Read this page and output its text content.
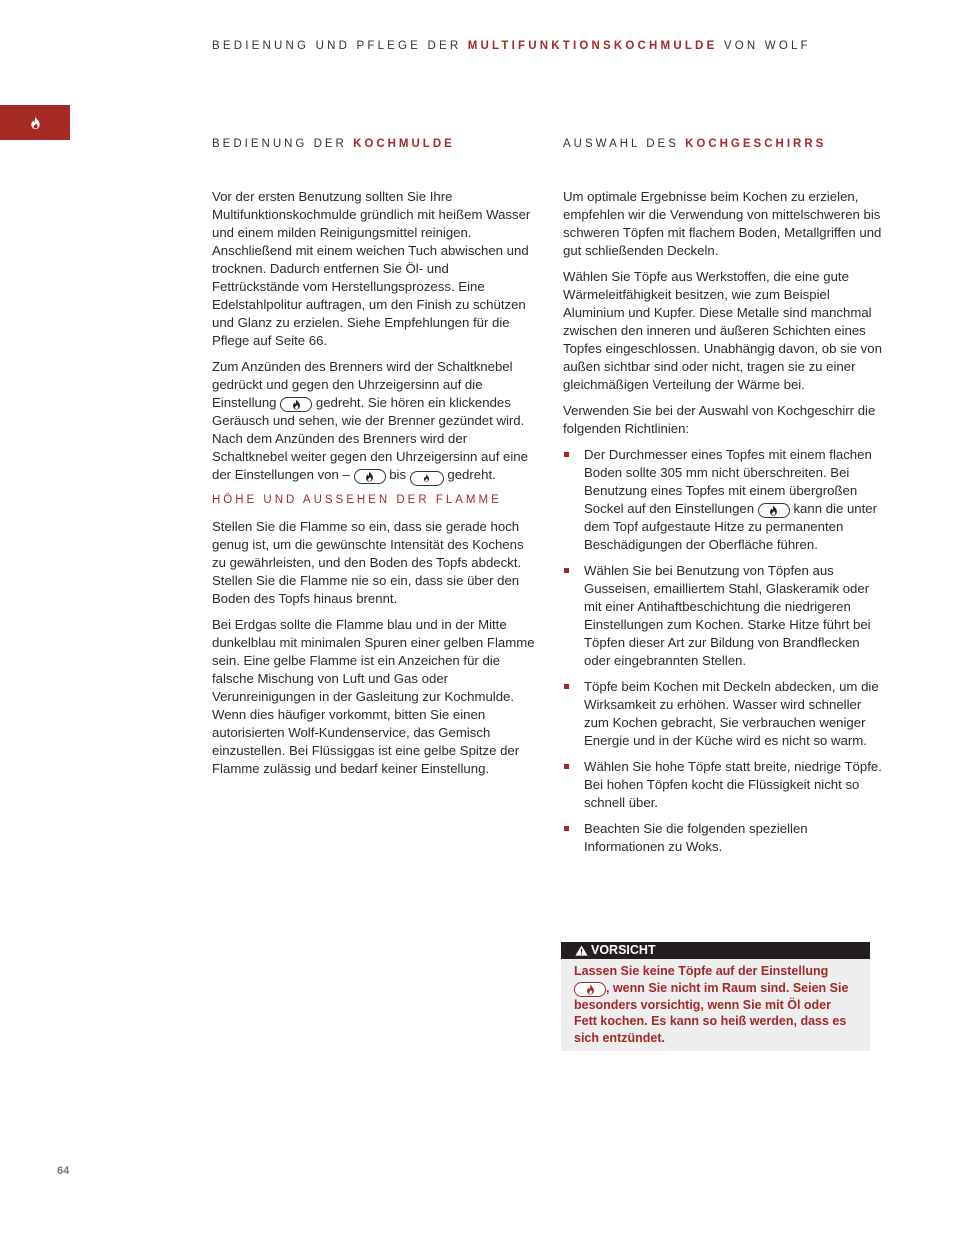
BEDIENUNG UND PFLEGE DER MULTIFUNKTIONSKOCHMULDE VON WOLF
BEDIENUNG DER KOCHMULDE

Vor der ersten Benutzung sollten Sie Ihre Multifunktionskochmulde gründlich mit heißem Wasser und einem milden Reinigungsmittel reinigen. Anschließend mit einem weichen Tuch abwischen und trocknen. Dadurch entfernen Sie Öl- und Fettrückstände vom Herstellungsprozess. Eine Edelstahlpolitur auftragen, um den Finish zu schützen und Glanz zu erzielen. Siehe Empfehlungen für die Pflege auf Seite 66.

Zum Anzünden des Brenners wird der Schaltknebel gedrückt und gegen den Uhrzeigersinn auf die Einstellung	gedreht. Sie hören ein klickendes Geräusch und sehen, wie der Brenner gezündet wird. Nach dem Anzünden des Brenners wird der Schaltknebel weiter gegen den Uhrzeigersinn auf eine der Einstellungen von –	bis	gedreht.

HÖHE UND AUSSEHEN DER FLAMME

Stellen Sie die Flamme so ein, dass sie gerade hoch genug ist, um die gewünschte Intensität des Kochens zu gewährleisten, und den Boden des Topfs abdeckt. Stellen Sie die Flamme nie so ein, dass sie über den Boden des Topfs hinaus brennt.

Bei Erdgas sollte die Flamme blau und in der Mitte dunkelblau mit minimalen Spuren einer gelben Flamme sein. Eine gelbe Flamme ist ein Anzeichen für die falsche Mischung von Luft und Gas oder Verunreinigungen in der Gasleitung zur Kochmulde. Wenn dies häufiger vorkommt, bitten Sie einen autorisierten Wolf-Kundenservice, das Gemisch einzustellen. Bei Flüssiggas ist eine gelbe Spitze der Flamme zulässig und bedarf keiner Einstellung.

AUSWAHL DES KOCHGESCHIRRS

Um optimale Ergebnisse beim Kochen zu erzielen, empfehlen wir die Verwendung von mittelschweren bis schweren Töpfen mit flachem Boden, Metallgriffen und gut schließenden Deckeln.

Wählen Sie Töpfe aus Werkstoffen, die eine gute Wärmeleitfähigkeit besitzen, wie zum Beispiel Aluminium und Kupfer. Diese Metalle sind manchmal zwischen den inneren und äußeren Schichten eines Topfes eingeschlossen. Unabhängig davon, ob sie von außen sichtbar sind oder nicht, tragen sie zu einer gleichmäßigen Verteilung der Wärme bei.

Verwenden Sie bei der Auswahl von Kochgeschirr die folgenden Richtlinien:

Der Durchmesser eines Topfes mit einem flachen Boden sollte 305 mm nicht überschreiten. Bei Benutzung eines Topfes mit einem übergroßen Sockel auf den Einstellungen	kann die unter dem Topf aufgestaute Hitze zu permanenten Beschädigungen der Oberfläche führen.
Wählen Sie bei Benutzung von Töpfen aus Gusseisen, emailliertem Stahl, Glaskeramik oder mit einer Antihaftbeschichtung die niedrigeren Einstellungen zum Kochen. Starke Hitze führt bei Töpfen dieser Art zur Bildung von Brandflecken oder eingebrannten Stellen.
Töpfe beim Kochen mit Deckeln abdecken, um die Wirksamkeit zu erhöhen. Wasser wird schneller zum Kochen gebracht, Sie verbrauchen weniger Energie und in der Küche wird es nicht so warm.
Wählen Sie hohe Töpfe statt breite, niedrige Töpfe. Bei hohen Töpfen kocht die Flüssigkeit nicht so schnell über.
Beachten Sie die folgenden speziellen Informationen zu Woks.
VORSICHT
Lassen Sie keine Töpfe auf der Einstellung
, wenn Sie nicht im Raum sind. Seien Sie besonders vorsichtig, wenn Sie mit Öl oder Fett kochen. Es kann so heiß werden, dass es sich entzündet.
64
